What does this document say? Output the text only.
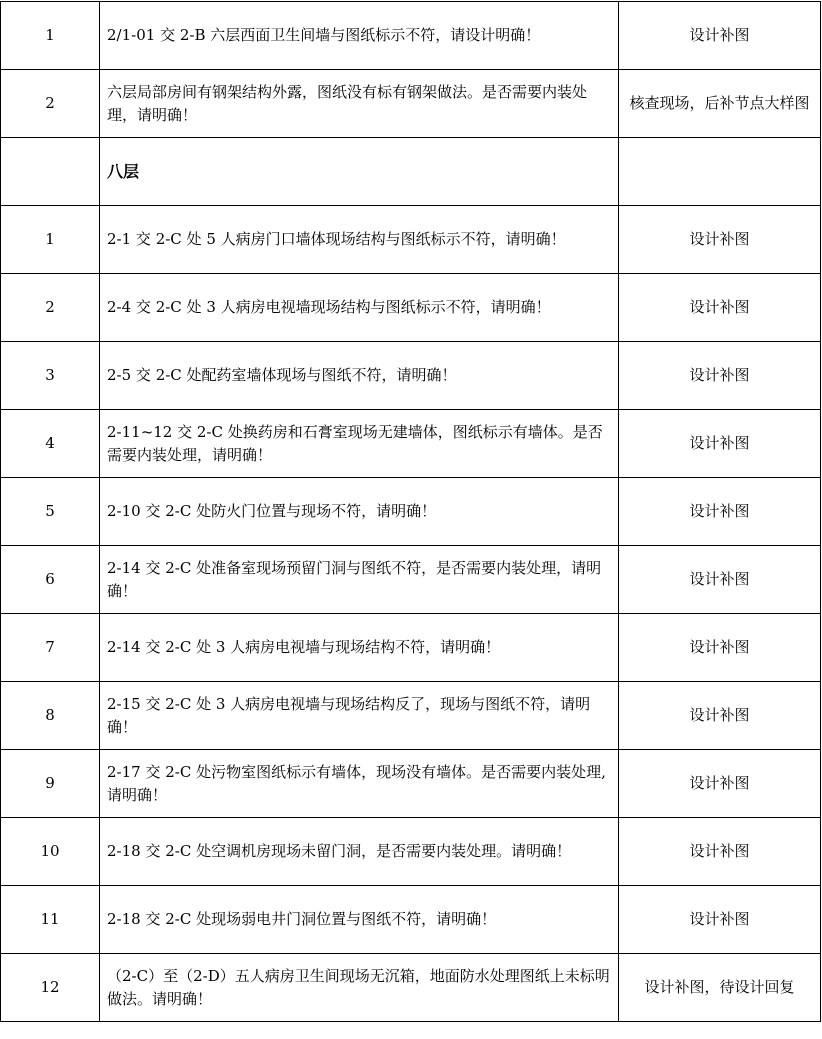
1	2/1-01 交 2-B 六层西面卫生间墙与图纸标示不符，请设计明确！	设计补图
2	六层局部房间有钢架结构外露，图纸没有标有钢架做法。是否需要内装处理，请明确！	核查现场，后补节点大样图
	八层	
1	2-1 交 2-C 处 5 人病房门口墙体现场结构与图纸标示不符，请明确！	设计补图
2	2-4 交 2-C 处 3 人病房电视墙现场结构与图纸标示不符，请明确！	设计补图
3	2-5 交 2-C 处配药室墙体现场与图纸不符，请明确！	设计补图
4	2-11~12 交 2-C 处换药房和石膏室现场无建墙体，图纸标示有墙体。是否需要内装处理，请明确！	设计补图
5	2-10 交 2-C 处防火门位置与现场不符，请明确！	设计补图
6	2-14 交 2-C 处准备室现场预留门洞与图纸不符，是否需要内装处理，请明确！	设计补图
7	2-14 交 2-C 处 3 人病房电视墙与现场结构不符，请明确！	设计补图
8	2-15 交 2-C 处 3 人病房电视墙与现场结构反了，现场与图纸不符，请明确！	设计补图
9	2-17 交 2-C 处污物室图纸标示有墙体，现场没有墙体。是否需要内装处理,请明确！	设计补图
10	2-18 交 2-C 处空调机房现场未留门洞，是否需要内装处理。请明确！	设计补图
11	2-18 交 2-C 处现场弱电井门洞位置与图纸不符，请明确！	设计补图
12	（2-C）至（2-D）五人病房卫生间现场无沉箱，地面防水处理图纸上未标明做法。请明确！	设计补图，待设计回复
